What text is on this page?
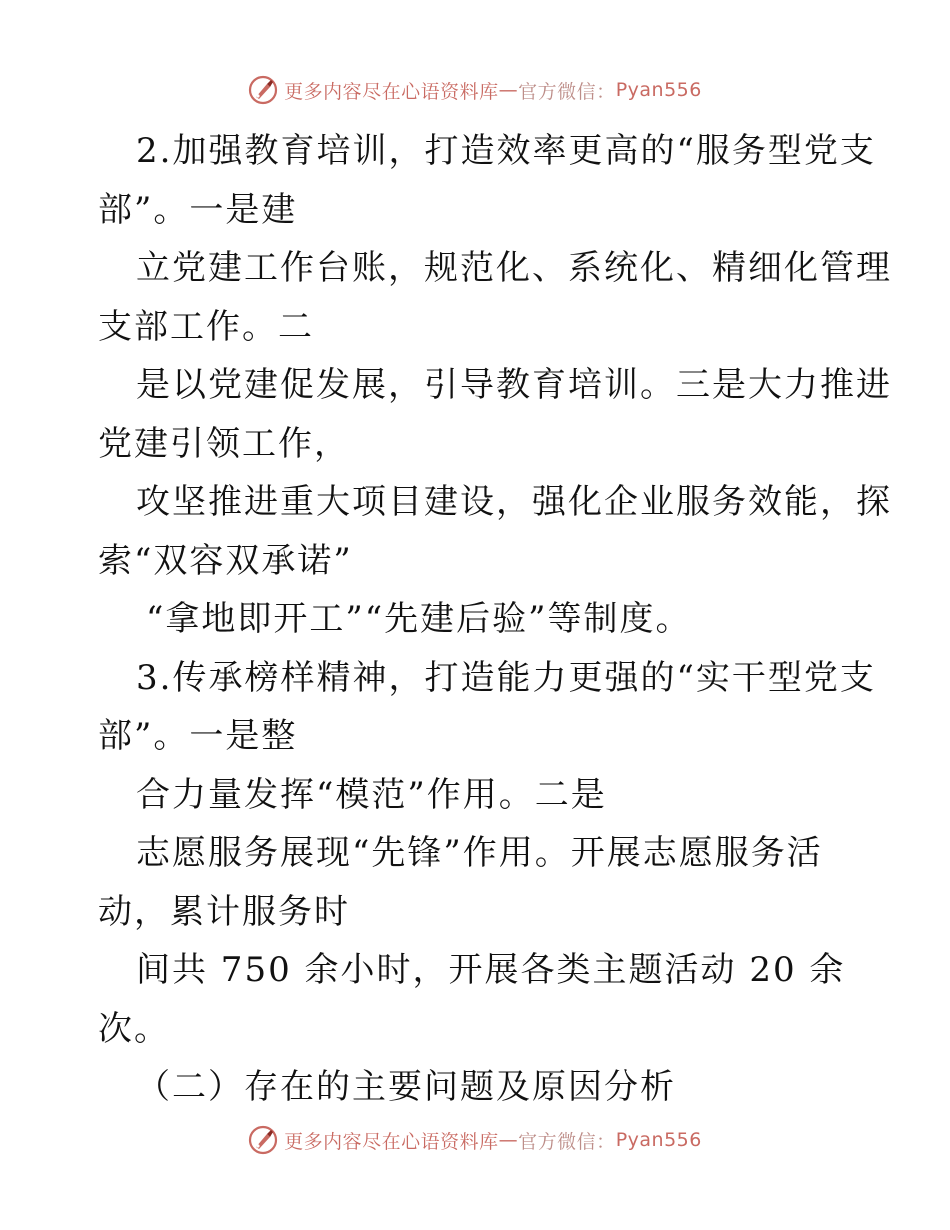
更多内容尽在心语资料库 — 官方微信： Pyan556
2.加强教育培训，打造效率更高的“服务型党支
部”。一是建
立党建工作台账，规范化、系统化、精细化管理
支部工作。二
是以党建促发展，引导教育培训。三是大力推进
党建引领工作，
攻坚推进重大项目建设，强化企业服务效能，探
索“双容双承诺”
“拿地即开工”“先建后验”等制度。
3.传承榜样精神，打造能力更强的“实干型党支
部”。一是整
合力量发挥“模范”作用。二是
志愿服务展现“先锋”作用。开展志愿服务活
动，累计服务时
间共 750 余小时，开展各类主题活动 20 余
次。
（二）存在的主要问题及原因分析
更多内容尽在心语资料库 — 官方微信： Pyan556
